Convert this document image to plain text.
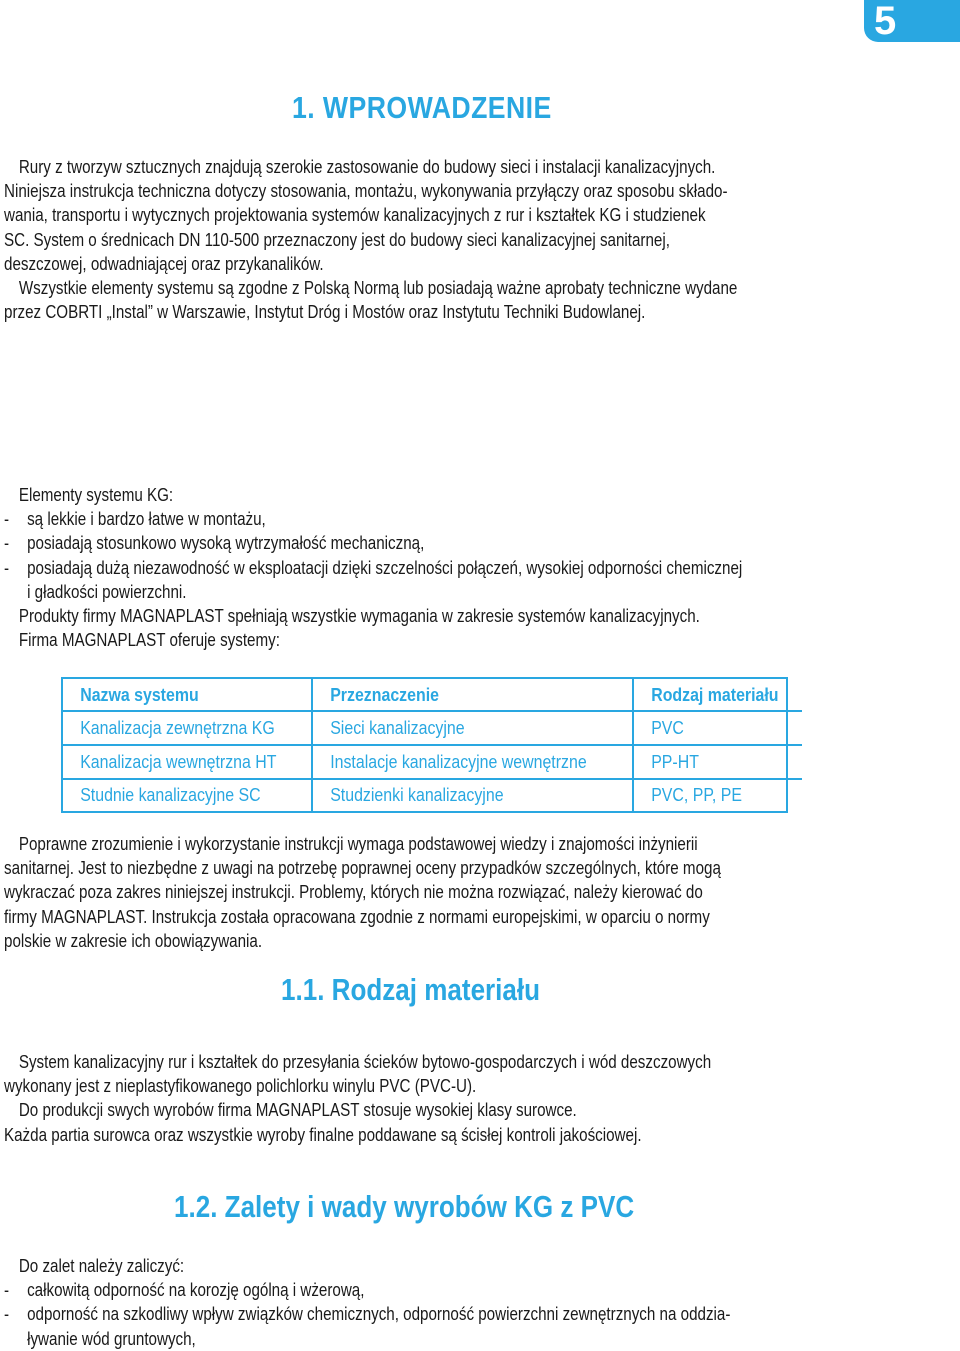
5
1. WPROWADZENIE

Rury z tworzyw sztucznych znajdują szerokie zastosowanie do budowy sieci i instalacji kanalizacyjnych.
Niniejsza instrukcja techniczna dotyczy stosowania, montażu, wykonywania przyłączy oraz sposobu składo-
wania, transportu i wytycznych projektowania systemów kanalizacyjnych z rur i kształtek KG i studzienek
SC. System o średnicach DN 110-500 przeznaczony jest do budowy sieci kanalizacyjnej sanitarnej,
deszczowej, odwadniającej oraz przykanalików.
Wszystkie elementy systemu są zgodne z Polską Normą lub posiadają ważne aprobaty techniczne wydane
przez COBRTI „Instal” w Warszawie, Instytut Dróg i Mostów oraz Instytutu Techniki Budowlanej.

Elementy systemu KG:
- są lekkie i bardzo łatwe w montażu,
- posiadają stosunkowo wysoką wytrzymałość mechaniczną,
- posiadają dużą niezawodność w eksploatacji dzięki szczelności połączeń, wysokiej odporności chemicznej
i gładkości powierzchni.
Produkty firmy MAGNAPLAST spełniają wszystkie wymagania w zakresie systemów kanalizacyjnych.
Firma MAGNAPLAST oferuje systemy:
Nazwa systemu	Przeznaczenie	Rodzaj materiału
Kanalizacja zewnętrzna KG	Sieci kanalizacyjne	PVC
Kanalizacja wewnętrzna HT	Instalacje kanalizacyjne wewnętrzne	PP-HT
Studnie kanalizacyjne SC	Studzienki kanalizacyjne	PVC, PP, PE

Poprawne zrozumienie i wykorzystanie instrukcji wymaga podstawowej wiedzy i znajomości inżynierii
sanitarnej. Jest to niezbędne z uwagi na potrzebę poprawnej oceny przypadków szczególnych, które mogą
wykraczać poza zakres niniejszej instrukcji. Problemy, których nie można rozwiązać, należy kierować do
firmy MAGNAPLAST. Instrukcja została opracowana zgodnie z normami europejskimi, w oparciu o normy
polskie w zakresie ich obowiązywania.

1.1. Rodzaj materiału

System kanalizacyjny rur i kształtek do przesyłania ścieków bytowo-gospodarczych i wód deszczowych
wykonany jest z nieplastyfikowanego polichlorku winylu PVC (PVC-U).
Do produkcji swych wyrobów firma MAGNAPLAST stosuje wysokiej klasy surowce.
Każda partia surowca oraz wszystkie wyroby finalne poddawane są ścisłej kontroli jakościowej.

1.2. Zalety i wady wyrobów KG z PVC
Do zalet należy zaliczyć:
- całkowitą odporność na korozję ogólną i wżerową,
- odporność na szkodliwy wpływ związków chemicznych, odporność powierzchni zewnętrznych na oddzia-
ływanie wód gruntowych,
